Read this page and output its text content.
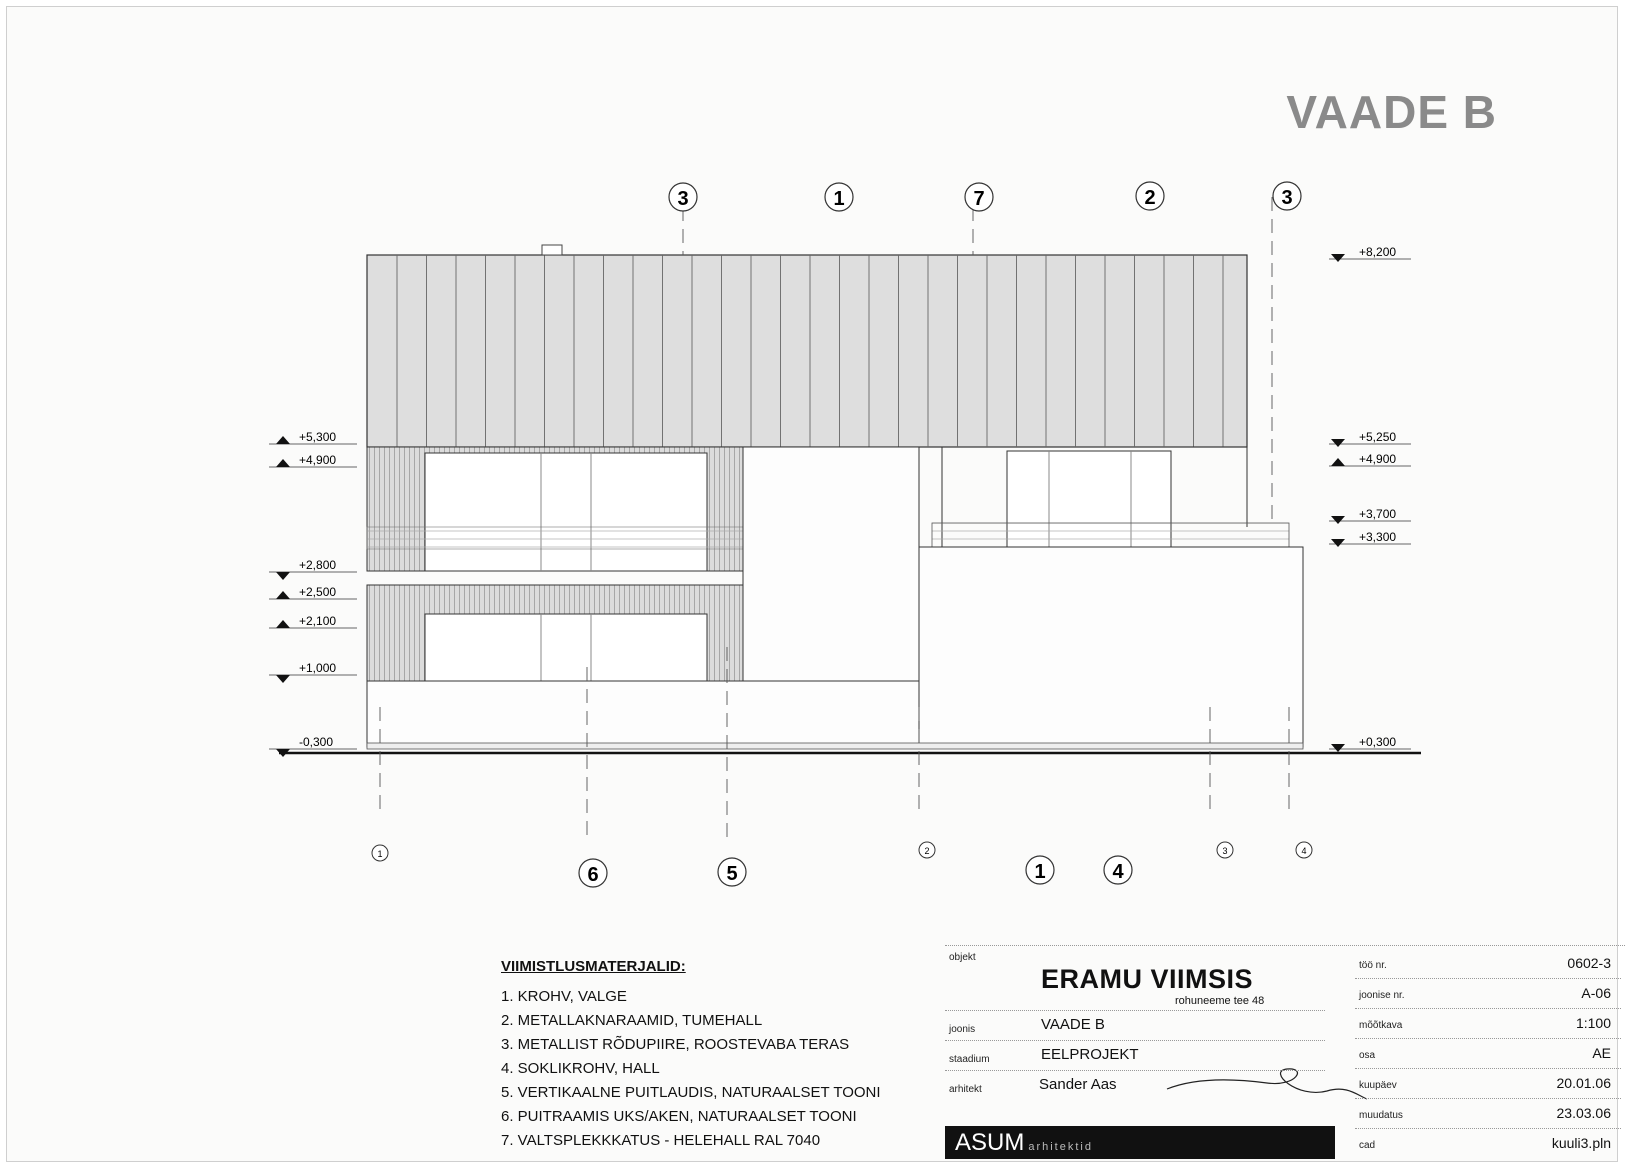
VAADE B
+5,300
+4,900
+2,800
+2,500
+2,100
+1,000
-0,300
+8,200
+5,250
+4,900
+3,700
+3,300
+0,300
3	1	7	2	3
6	5	1	4
1	2	3	4
VIIMISTLUSMATERJALID:
1. KROHV, VALGE
2. METALLAKNARAAMID, TUMEHALL
3. METALLIST RÕDUPIIRE, ROOSTEVABA TERAS
4. SOKLIKROHV, HALL
5. VERTIKAALNE PUITLAUDIS, NATURAALSET TOONI
6. PUITRAAMIS UKS/AKEN, NATURAALSET TOONI
7. VALTSPLEKKKATUS - HELEHALL RAL 7040
objekt
ERAMU VIIMSIS
rohuneeme tee 48
joonis	VAADE B
staadium	EELPROJEKT
arhitekt	Sander Aas
ASUM arhitektid
töö nr.	0602-3
joonise nr.	A-06
mõõtkava	1:100
osa	AE
kuupäev	20.01.06
muudatus	23.03.06
cad	kuuli3.pln
